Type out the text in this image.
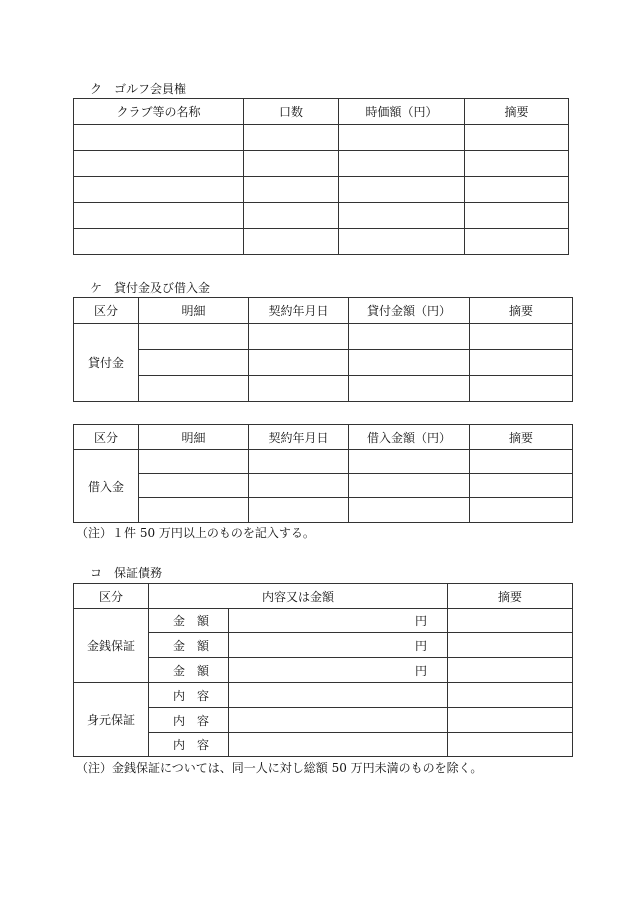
ク　ゴルフ会員権
クラブ等の名称	口数	時価額（円）	摘要

ケ　貸付金及び借入金
区分	明細	契約年月日	貸付金額（円）	摘要
貸付金				

区分	明細	契約年月日	借入金額（円）	摘要
借入金				

（注）１件 50 万円以上のものを記入する。
コ　保証債務
区分	内容又は金額		摘要
金銭保証	金　額	円	
	金　額	円	
	金　額	円	
身元保証	内　容		
	内　容		
	内　容		
（注）金銭保証については、同一人に対し総額 50 万円未満のものを除く。
